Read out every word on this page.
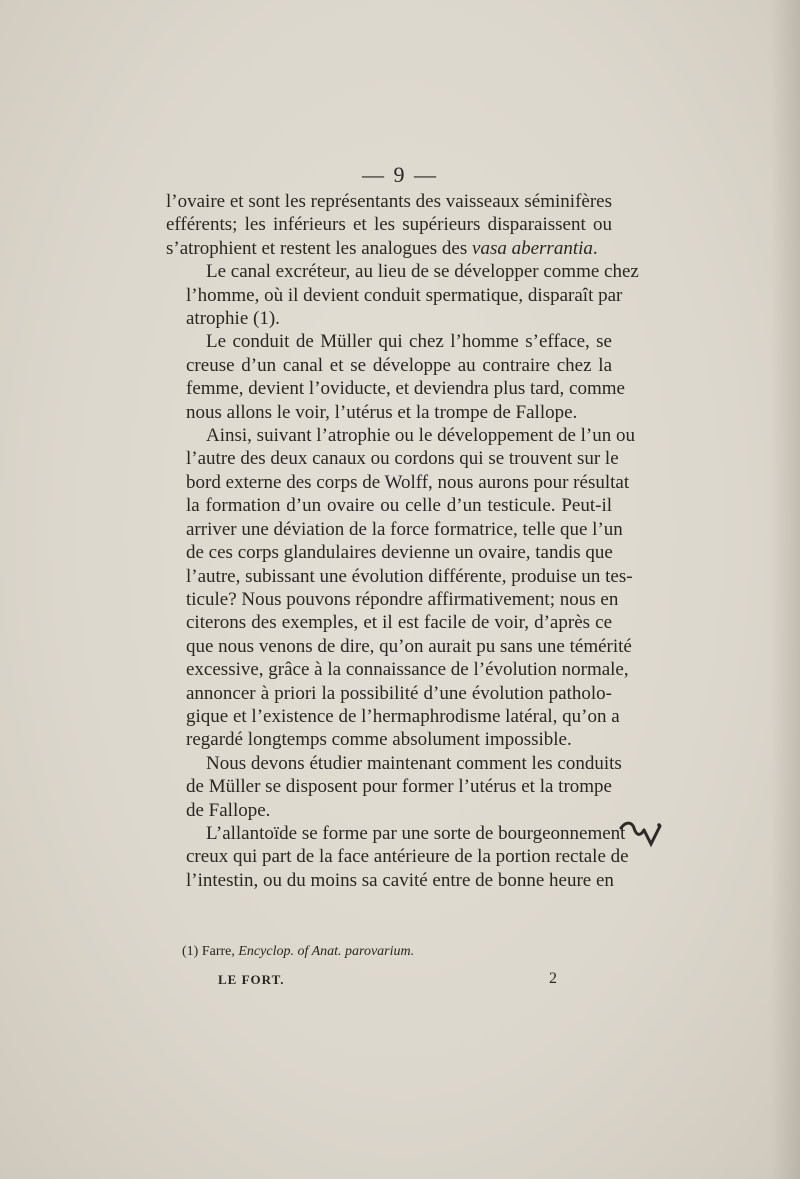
— 9 —

l’ovaire et sont les représentants des vaisseaux séminifères
efférents; les inférieurs et les supérieurs disparaissent ou
s’atrophient et restent les analogues des vasa aberrantia.

Le canal excréteur, au lieu de se développer comme chez
l’homme, où il devient conduit spermatique, disparaît par
atrophie (1).

Le conduit de Müller qui chez l’homme s’efface, se
creuse d’un canal et se développe au contraire chez la
femme, devient l’oviducte, et deviendra plus tard, comme
nous allons le voir, l’utérus et la trompe de Fallope.

Ainsi, suivant l’atrophie ou le développement de l’un ou
l’autre des deux canaux ou cordons qui se trouvent sur le
bord externe des corps de Wolff, nous aurons pour résultat
la formation d’un ovaire ou celle d’un testicule. Peut-il
arriver une déviation de la force formatrice, telle que l’un
de ces corps glandulaires devienne un ovaire, tandis que
l’autre, subissant une évolution différente, produise un tes-
ticule? Nous pouvons répondre affirmativement; nous en
citerons des exemples, et il est facile de voir, d’après ce
que nous venons de dire, qu’on aurait pu sans une témérité
excessive, grâce à la connaissance de l’évolution normale,
annoncer à priori la possibilité d’une évolution patholo-
gique et l’existence de l’hermaphrodisme latéral, qu’on a
regardé longtemps comme absolument impossible.

Nous devons étudier maintenant comment les conduits
de Müller se disposent pour former l’utérus et la trompe
de Fallope.

L’allantoïde se forme par une sorte de bourgeonnement
creux qui part de la face antérieure de la portion rectale de
l’intestin, ou du moins sa cavité entre de bonne heure en

(1) Farre, Encyclop. of Anat. parovarium.
LE FORT.	2
